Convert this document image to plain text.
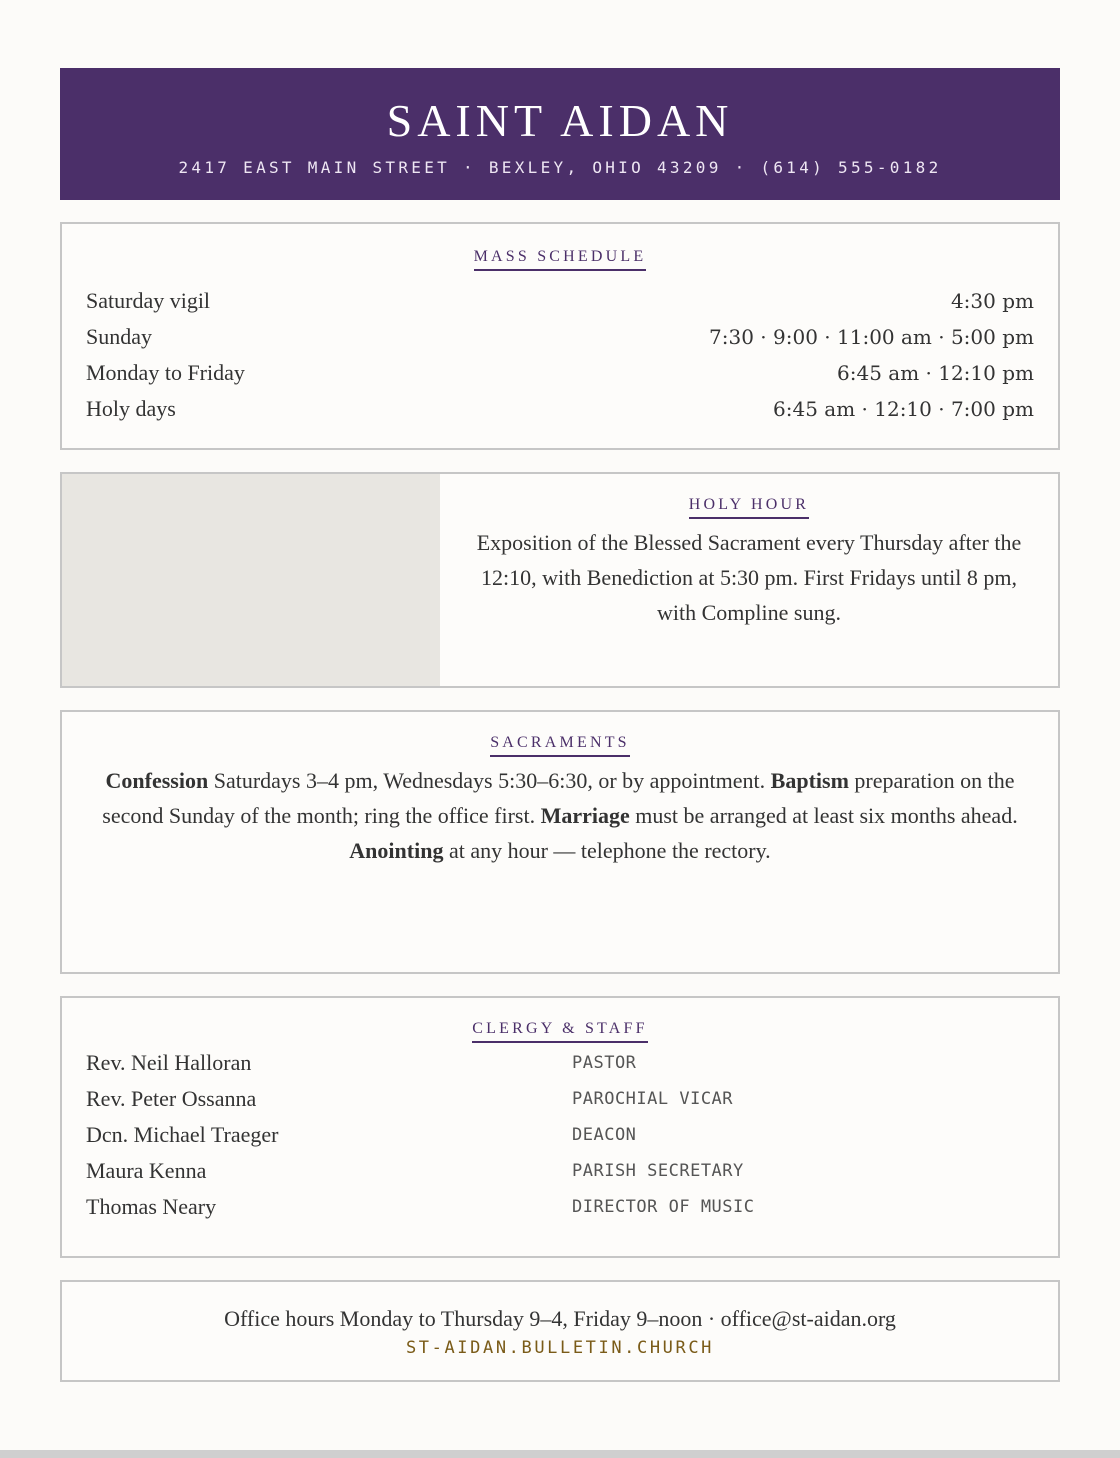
SAINT AIDAN
2417 EAST MAIN STREET · BEXLEY, OHIO 43209 · (614) 555-0182
MASS SCHEDULE
Saturday vigil	4:30 pm
Sunday	7:30 · 9:00 · 11:00 am · 5:00 pm
Monday to Friday	6:45 am · 12:10 pm
Holy days	6:45 am · 12:10 · 7:00 pm
HOLY HOUR

Exposition of the Blessed Sacrament every Thursday after the 12:10, with Benediction at 5:30 pm. First Fridays until 8 pm, with Compline sung.

SACRAMENTS

Confession Saturdays 3–4 pm, Wednesdays 5:30–6:30, or by appointment. Baptism preparation on the second Sunday of the month; ring the office first. Marriage must be arranged at least six months ahead. Anointing at any hour — telephone the rectory.

CLERGY & STAFF
Rev. Neil Halloran	PASTOR
Rev. Peter Ossanna	PAROCHIAL VICAR
Dcn. Michael Traeger	DEACON
Maura Kenna	PARISH SECRETARY
Thomas Neary	DIRECTOR OF MUSIC
Office hours Monday to Thursday 9–4, Friday 9–noon · office@st-aidan.org
ST-AIDAN.BULLETIN.CHURCH
